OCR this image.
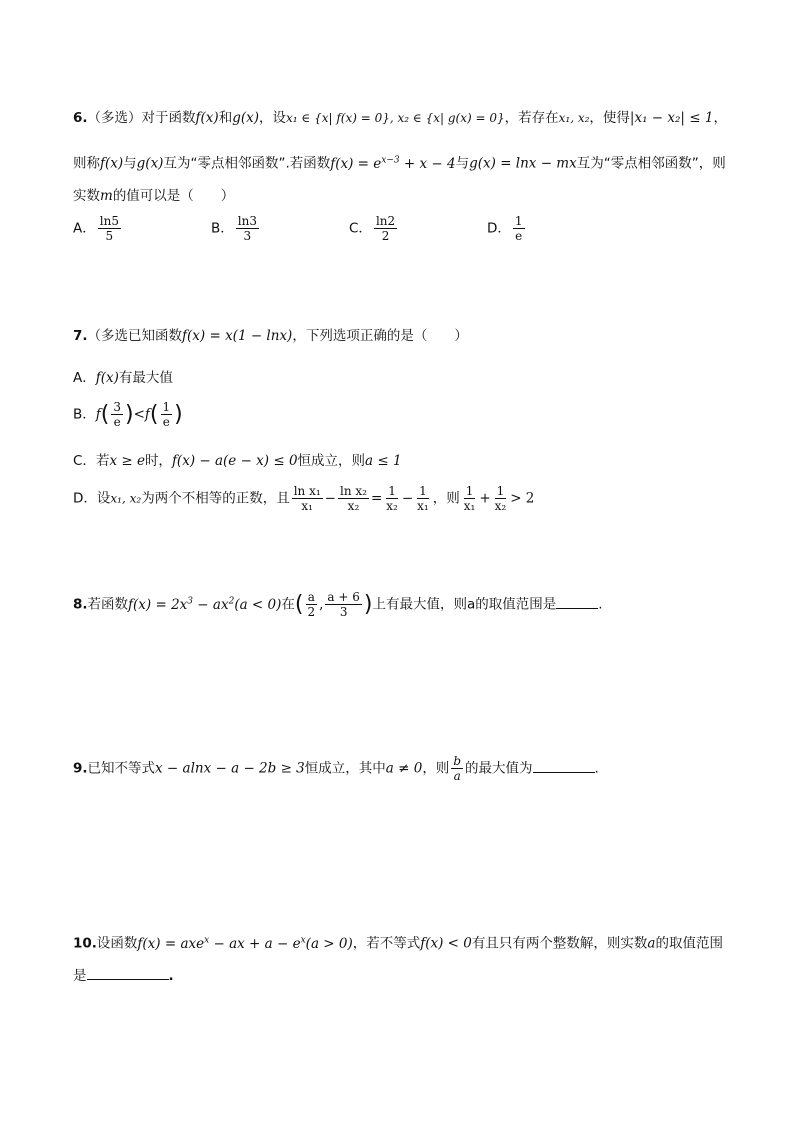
6.（多选）对于函数f(x)和g(x)，设x₁ ∈ {x| f(x) = 0}, x₂ ∈ {x| g(x) = 0}，若存在x₁, x₂，使得|x₁ − x₂| ≤ 1，
则称f(x)与g(x)互为“零点相邻函数”.若函数$f(x) = e^{x-3} + x - 4$与g(x) = lnx − mx互为“零点相邻函数”，则
实数m的值可以是（　　）
A． $\frac{\ln 5}{5}$	B． $\frac{\ln 3}{3}$	C． $\frac{\ln 2}{2}$	D． $\frac{1}{e}$
7.（多选已知函数f(x) = x(1 − lnx)，下列选项正确的是（　　）
A．f(x)有最大值
B．$f( \frac{3}{e} )<f( \frac{1}{e}$ )
C．若x ≥ e时，f(x) − a(e − x) ≤ 0恒成立，则a ≤ 1
D．设x₁, x₂为两个不相等的正数，且 $\frac{\text{ln x₁}}{\text{x₁}} - \frac{\text{ln x₂}}{\text{x₂}} = \frac{1}{\text{x₂}} - \frac{1}{\text{x₁}}$ ，则 $\frac{1}{\text{x₁}} + \frac{1}{\text{x₂}} > 2$
8.若函数$f(x) = 2x^3 - ax^2(a < 0)$在( $\frac{a}{2}$ , $\frac{a + 6}{3}$ )上有最大值，则a的取值范围是	.
9.已知不等式x − alnx − a − 2b ≥ 3恒成立，其中a ≠ 0，则 $\frac{b}{a}$ 的最大值为	.
10.设函数f(x) = axe$^x$ − ax + $a - e^x(a > 0)$，若不等式f(x) < 0有且只有两个整数解，则实数a的取值范围
是	.
